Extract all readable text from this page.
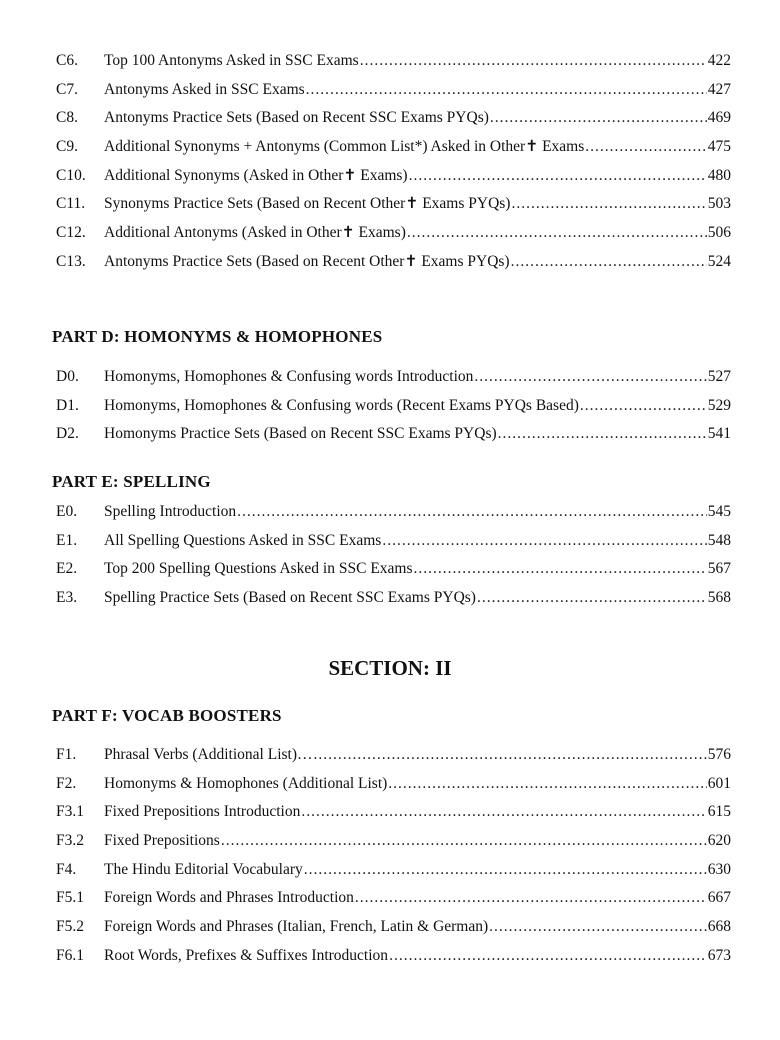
C6.	Top 100 Antonyms Asked in SSC Exams .....	422
C7.	Antonyms Asked in SSC Exams .....	427
C8.	Antonyms Practice Sets (Based on Recent SSC Exams PYQs) .....	469
C9.	Additional Synonyms + Antonyms (Common List*) Asked in Other✝ Exams .....	475
C10.	Additional Synonyms (Asked in Other✝ Exams) .....	480
C11.	Synonyms Practice Sets (Based on Recent Other✝ Exams PYQs) .....	503
C12.	Additional Antonyms (Asked in Other✝ Exams) .....	506
C13.	Antonyms Practice Sets (Based on Recent Other✝ Exams PYQs) .....	524
PART D: HOMONYMS & HOMOPHONES
D0.	Homonyms, Homophones & Confusing words Introduction .....	527
D1.	Homonyms, Homophones & Confusing words (Recent Exams PYQs Based) .....	529
D2.	Homonyms Practice Sets (Based on Recent SSC Exams PYQs) .....	541
PART E: SPELLING
E0.	Spelling Introduction .....	545
E1.	All Spelling Questions Asked in SSC Exams .....	548
E2.	Top 200 Spelling Questions Asked in SSC Exams .....	567
E3.	Spelling Practice Sets (Based on Recent SSC Exams PYQs) .....	568
SECTION: II
PART F: VOCAB BOOSTERS
F1.	Phrasal Verbs (Additional List)… .....	576
F2.	Homonyms & Homophones (Additional List) .....	601
F3.1	Fixed Prepositions Introduction .....	615
F3.2	Fixed Prepositions .....	620
F4.	The Hindu Editorial Vocabulary .....	630
F5.1	Foreign Words and Phrases Introduction .....	667
F5.2	Foreign Words and Phrases (Italian, French, Latin & German) .....	668
F6.1	Root Words, Prefixes & Suffixes Introduction .....	673
